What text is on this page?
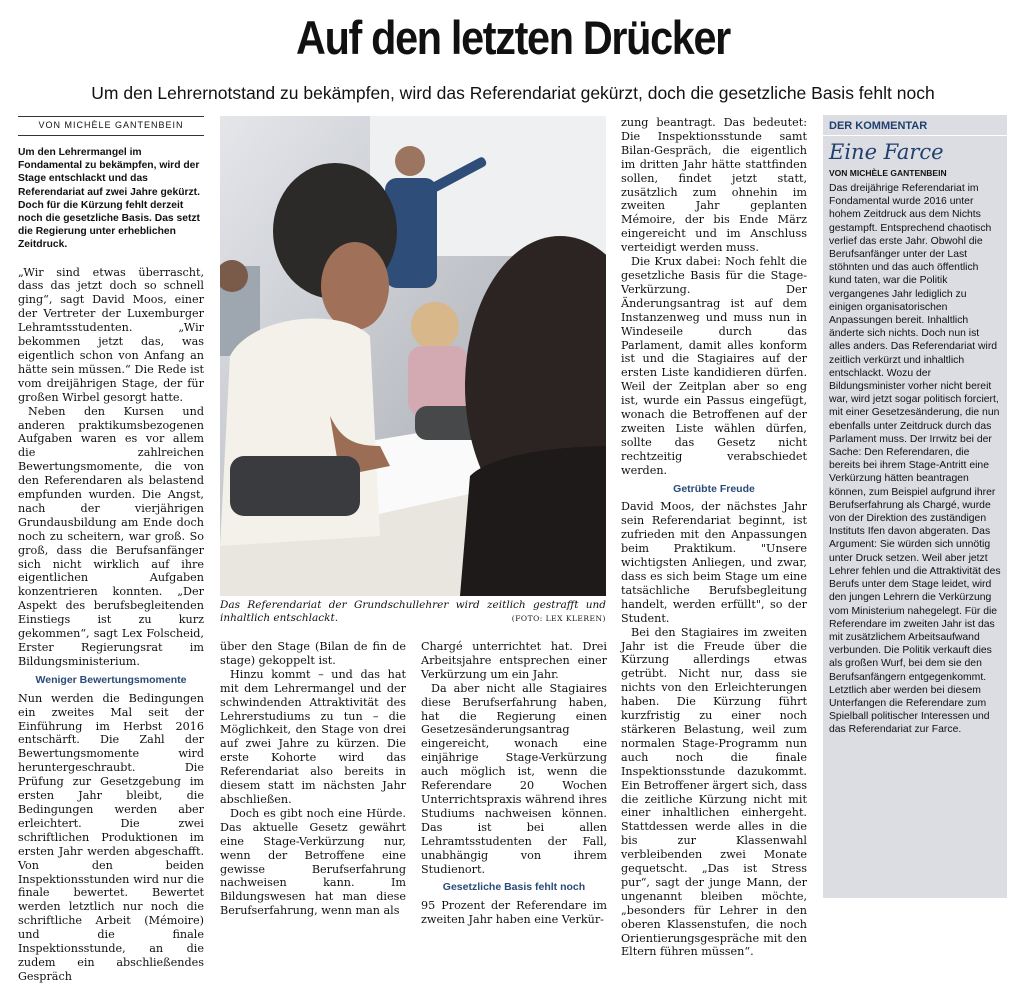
Auf den letzten Drücker
Um den Lehrernotstand zu bekämpfen, wird das Referendariat gekürzt, doch die gesetzliche Basis fehlt noch
VON MICHÈLE GANTENBEIN
Um den Lehrermangel im Fondamental zu bekämpfen, wird der Stage entschlackt und das Referendariat auf zwei Jahre gekürzt. Doch für die Kürzung fehlt derzeit noch die gesetzliche Basis. Das setzt die Regierung unter erheblichen Zeitdruck.

„Wir sind etwas überrascht, dass das jetzt doch so schnell ging“, sagt David Moos, einer der Vertreter der Luxemburger Lehramtsstudenten. „Wir bekommen jetzt das, was eigentlich schon von Anfang an hätte sein müssen.“ Die Rede ist vom dreijährigen Stage, der für großen Wirbel gesorgt hatte.

Neben den Kursen und anderen praktikumsbezogenen Aufgaben waren es vor allem die zahlreichen Bewertungsmomente, die von den Referendaren als belastend empfunden wurden. Die Angst, nach der vierjährigen Grundausbildung am Ende doch noch zu scheitern, war groß. So groß, dass die Berufsanfänger sich nicht wirklich auf ihre eigentlichen Aufgaben konzentrieren konnten. „Der Aspekt des berufsbegleitenden Einstiegs ist zu kurz gekommen“, sagt Lex Folscheid, Erster Regierungsrat im Bildungsministerium.

Weniger Bewertungsmomente

Nun werden die Bedingungen ein zweites Mal seit der Einführung im Herbst 2016 entschärft. Die Zahl der Bewertungsmomente wird heruntergeschraubt. Die Prüfung zur Gesetzgebung im ersten Jahr bleibt, die Bedingungen werden aber erleichtert. Die zwei schriftlichen Produktionen im ersten Jahr werden abgeschafft. Von den beiden Inspektionsstunden wird nur die finale bewertet. Bewertet werden letztlich nur noch die schriftliche Arbeit (Mémoire) und die finale Inspektionsstunde, an die zudem ein abschließendes Gespräch

Das Referendariat der Grundschullehrer wird zeitlich gestrafft und inhaltlich entschlackt.	(FOTO: LEX KLEREN)

über den Stage (Bilan de fin de stage) gekoppelt ist.

Hinzu kommt – und das hat mit dem Lehrermangel und der schwindenden Attraktivität des Lehrerstudiums zu tun – die Möglichkeit, den Stage von drei auf zwei Jahre zu kürzen. Die erste Kohorte wird das Referendariat also bereits in diesem statt im nächsten Jahr abschließen.

Doch es gibt noch eine Hürde. Das aktuelle Gesetz gewährt eine Stage-Verkürzung nur, wenn der Betroffene eine gewisse Berufserfahrung nachweisen kann. Im Bildungswesen hat man diese Berufserfahrung, wenn man als

Chargé unterrichtet hat. Drei Arbeitsjahre entsprechen einer Verkürzung um ein Jahr.

Da aber nicht alle Stagiaires diese Berufserfahrung haben, hat die Regierung einen Gesetzesänderungsantrag eingereicht, wonach eine einjährige Stage-Verkürzung auch möglich ist, wenn die Referendare 20 Wochen Unterrichtspraxis während ihres Studiums nachweisen können. Das ist bei allen Lehramtsstudenten der Fall, unabhängig von ihrem Studienort.

Gesetzliche Basis fehlt noch

95 Prozent der Referendare im zweiten Jahr haben eine Verkür-

zung beantragt. Das bedeutet: Die Inspektionsstunde samt Bilan-Gespräch, die eigentlich im dritten Jahr hätte stattfinden sollen, findet jetzt statt, zusätzlich zum ohnehin im zweiten Jahr geplanten Mémoire, der bis Ende März eingereicht und im Anschluss verteidigt werden muss.

Die Krux dabei: Noch fehlt die gesetzliche Basis für die Stage-Verkürzung. Der Änderungsantrag ist auf dem Instanzenweg und muss nun in Windeseile durch das Parlament, damit alles konform ist und die Stagiaires auf der ersten Liste kandidieren dürfen. Weil der Zeitplan aber so eng ist, wurde ein Passus eingefügt, wonach die Betroffenen auf der zweiten Liste wählen dürfen, sollte das Gesetz nicht rechtzeitig verabschiedet werden.

Getrübte Freude

David Moos, der nächstes Jahr sein Referendariat beginnt, ist zufrieden mit den Anpassungen beim Praktikum. "Unsere wichtigsten Anliegen, und zwar, dass es sich beim Stage um eine tatsächliche Berufsbegleitung handelt, werden erfüllt", so der Student.

Bei den Stagiaires im zweiten Jahr ist die Freude über die Kürzung allerdings etwas getrübt. Nicht nur, dass sie nichts von den Erleichterungen haben. Die Kürzung führt kurzfristig zu einer noch stärkeren Belastung, weil zum normalen Stage-Programm nun auch noch die finale Inspektionsstunde dazukommt. Ein Betroffener ärgert sich, dass die zeitliche Kürzung nicht mit einer inhaltlichen einhergeht. Stattdessen werde alles in die bis zur Klassenwahl verbleibenden zwei Monate gequetscht. „Das ist Stress pur“, sagt der junge Mann, der ungenannt bleiben möchte, „besonders für Lehrer in den oberen Klassenstufen, die noch Orientierungsgespräche mit den Eltern führen müssen“.

DER KOMMENTAR
Eine Farce
VON MICHÈLE GANTENBEIN
Das dreijährige Referendariat im Fondamental wurde 2016 unter hohem Zeitdruck aus dem Nichts gestampft. Entsprechend chaotisch verlief das erste Jahr. Obwohl die Berufsanfänger unter der Last stöhnten und das auch öffentlich kund taten, war die Politik vergangenes Jahr lediglich zu einigen organisatorischen Anpassungen bereit. Inhaltlich änderte sich nichts. Doch nun ist alles anders. Das Referendariat wird zeitlich verkürzt und inhaltlich entschlackt. Wozu der Bildungsminister vorher nicht bereit war, wird jetzt sogar politisch forciert, mit einer Gesetzesänderung, die nun ebenfalls unter Zeitdruck durch das Parlament muss. Der Irrwitz bei der Sache: Den Referendaren, die bereits bei ihrem Stage-Antritt eine Verkürzung hätten beantragen können, zum Beispiel aufgrund ihrer Berufserfahrung als Chargé, wurde von der Direktion des zuständigen Instituts Ifen davon abgeraten. Das Argument: Sie würden sich unnötig unter Druck setzen. Weil aber jetzt Lehrer fehlen und die Attraktivität des Berufs unter dem Stage leidet, wird den jungen Lehrern die Verkürzung vom Ministerium nahegelegt. Für die Referendare im zweiten Jahr ist das mit zusätzlichem Arbeitsaufwand verbunden. Die Politik verkauft dies als großen Wurf, bei dem sie den Berufsanfängern entgegenkommt. Letztlich aber werden bei diesem Unterfangen die Referendare zum Spielball politischer Interessen und das Referendariat zur Farce.
